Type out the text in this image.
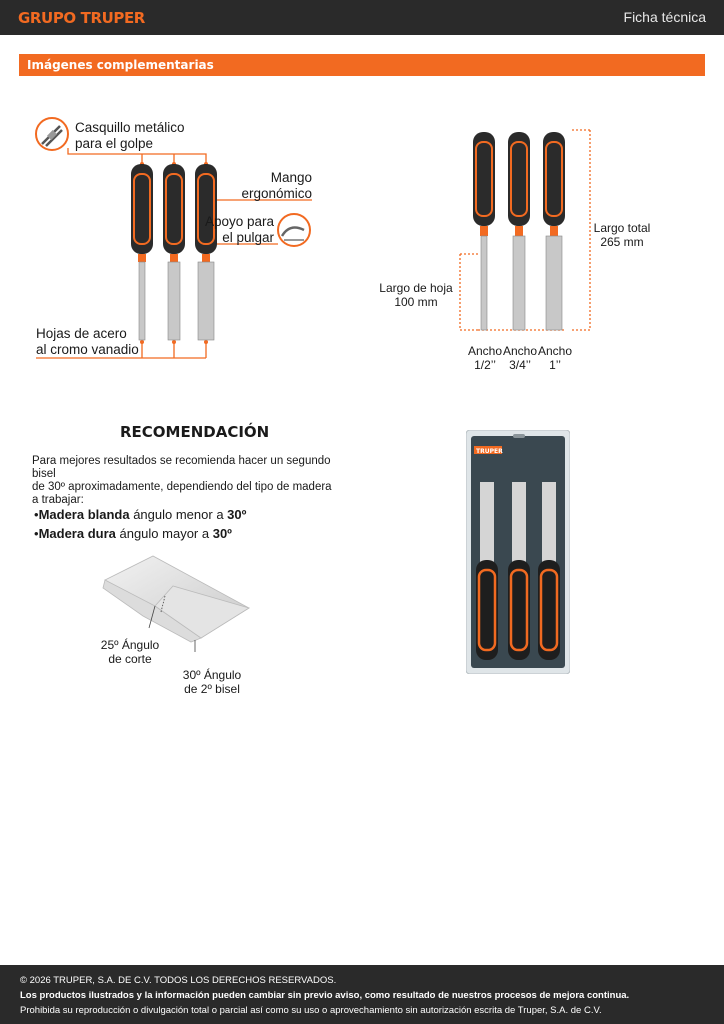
GRUPO TRUPER	Ficha técnica
Imágenes complementarias
Casquillo metálico
para el golpe
Mango
ergonómico
Apoyo para
el pulgar
Hojas de acero
al cromo vanadio
Largo total
265 mm
Largo de hoja
100 mm
Ancho
1/2’’
Ancho
3/4’’
Ancho
1’’
RECOMENDACIÓN
Para mejores resultados se recomienda hacer un segundo bisel
de 30º aproximadamente, dependiendo del tipo de madera
a trabajar:
•Madera blanda ángulo menor a 30º
•Madera dura ángulo mayor a 30º
25º Ángulo
de corte
30º Ángulo
de 2º bisel
TRUPER
© 2026 TRUPER, S.A. DE C.V. TODOS LOS DERECHOS RESERVADOS.
Los productos ilustrados y la información pueden cambiar sin previo aviso, como resultado de nuestros procesos de mejora continua.
Prohibida su reproducción o divulgación total o parcial así como su uso o aprovechamiento sin autorización escrita de Truper, S.A. de C.V.
